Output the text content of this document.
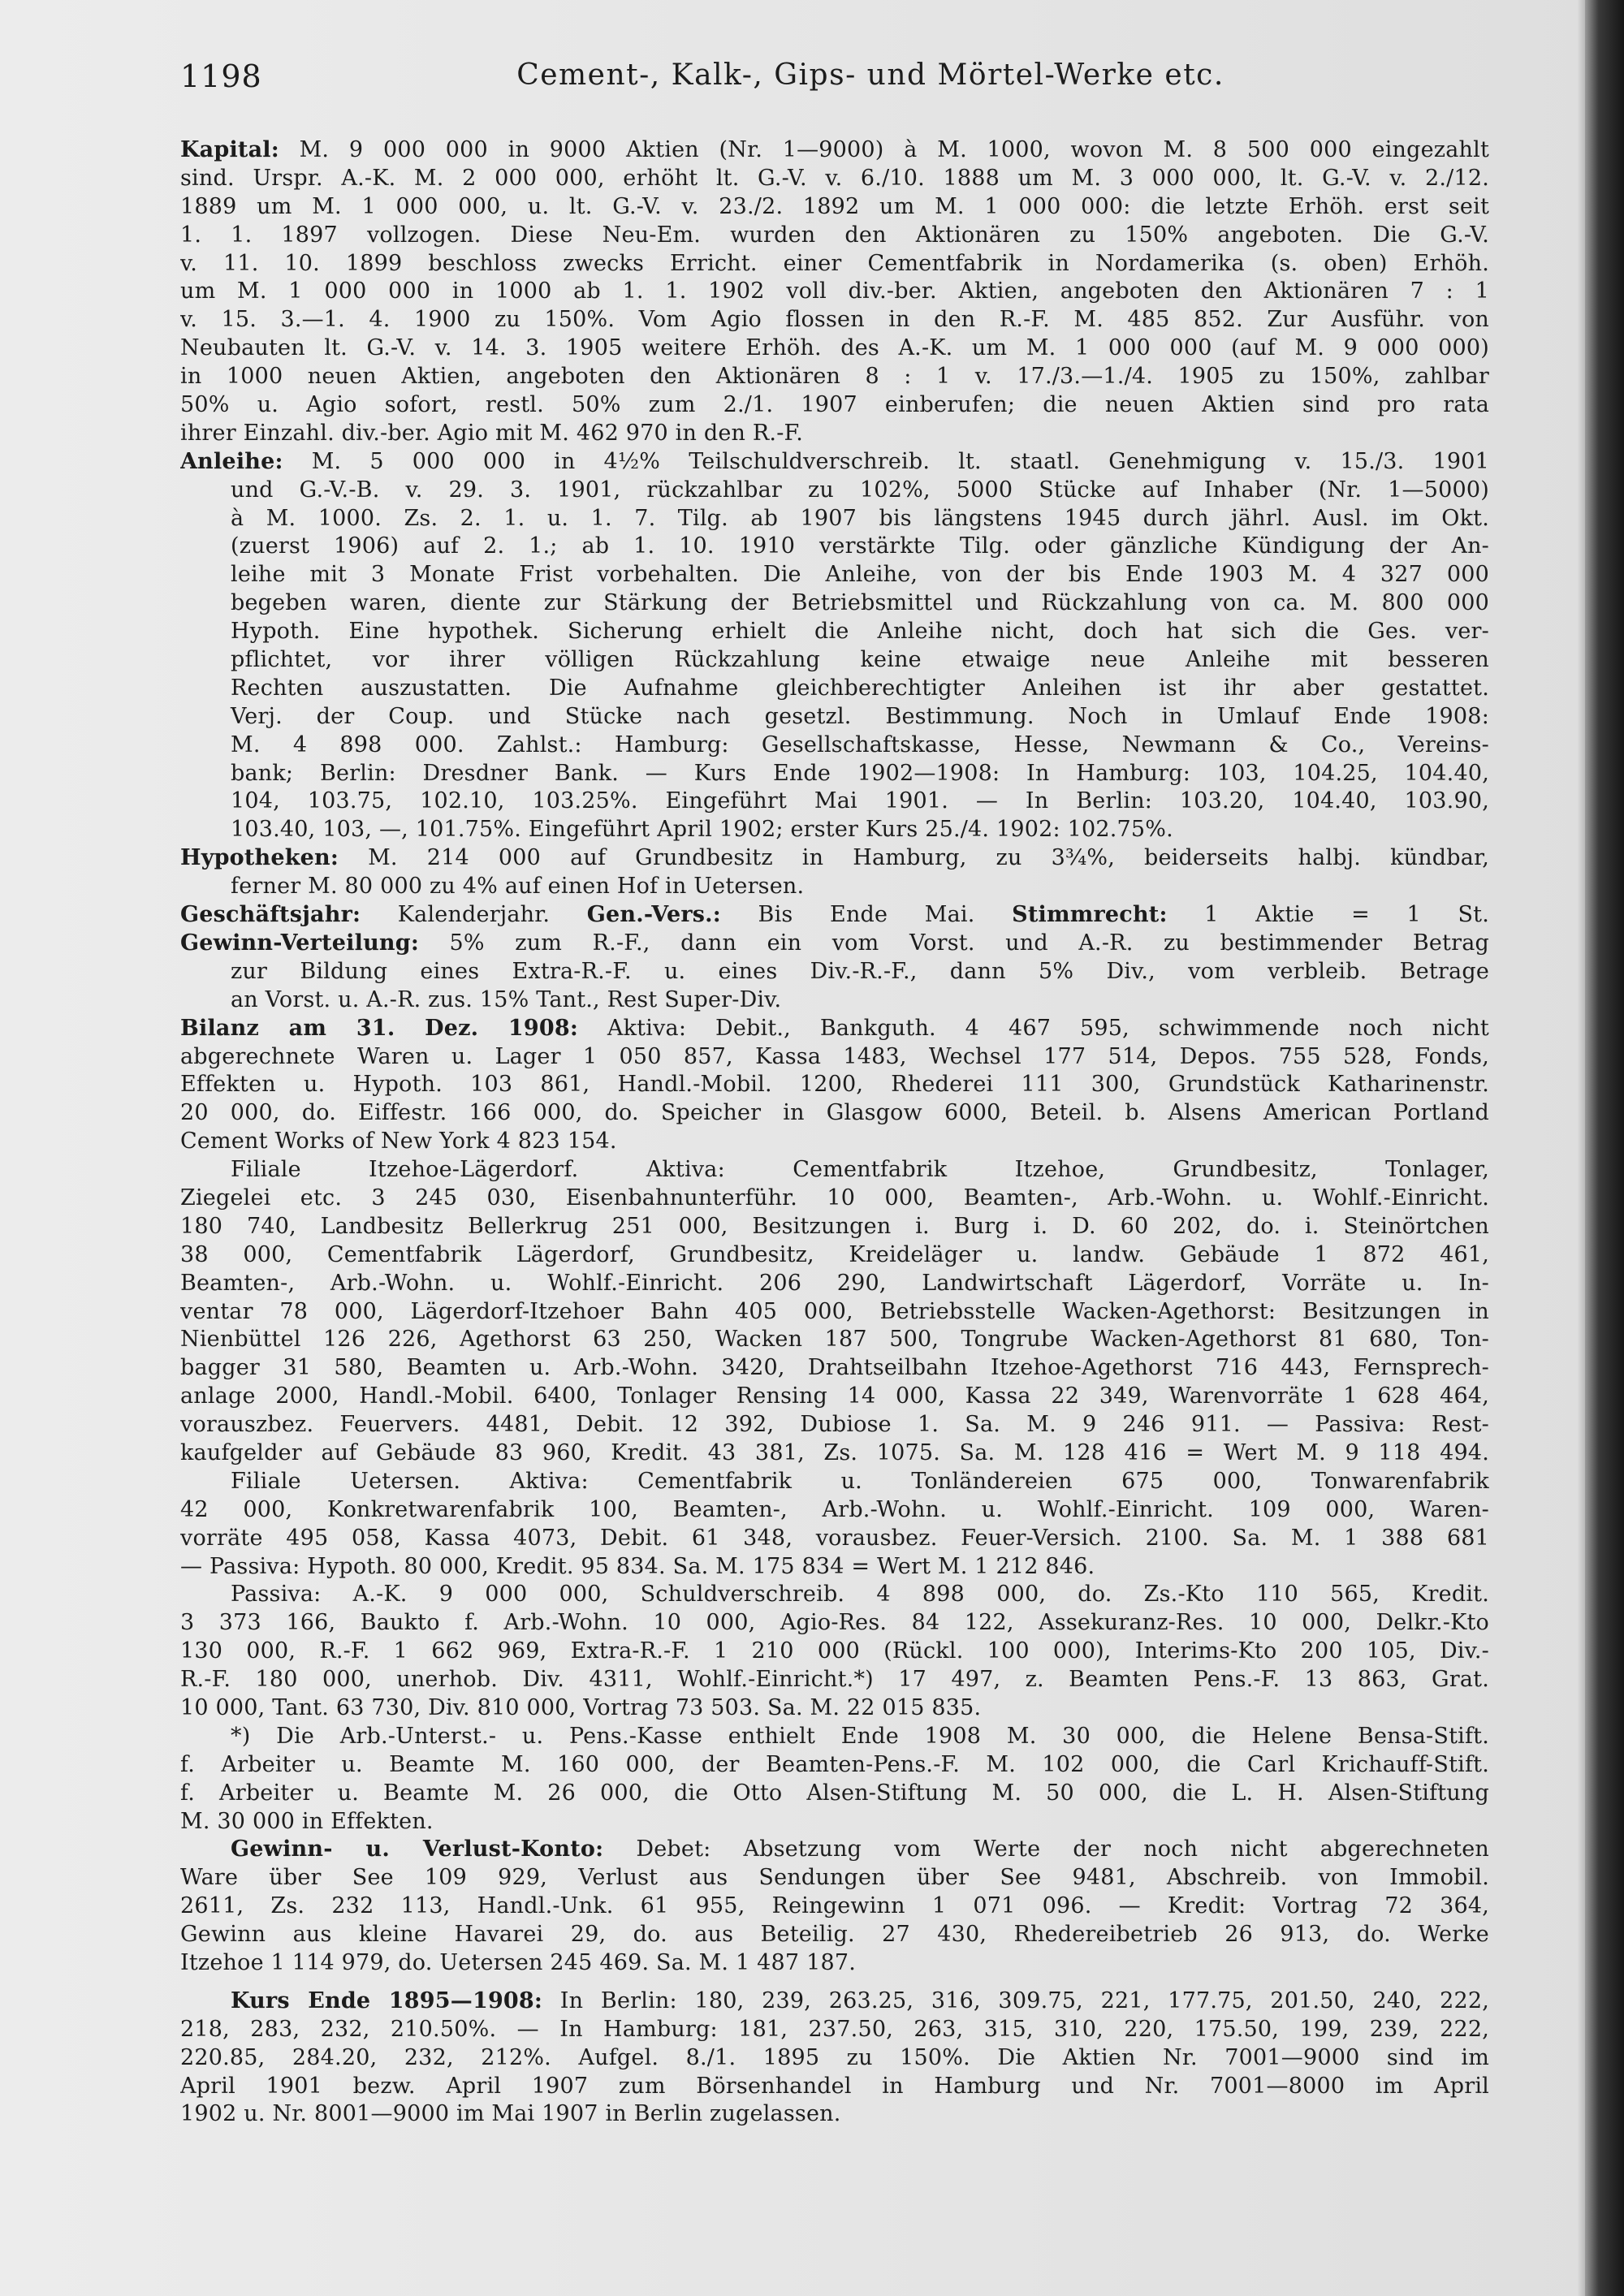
1198	Cement-, Kalk-, Gips- und Mörtel-Werke etc.
Kapital: M. 9 000 000 in 9000 Aktien (Nr. 1—9000) à M. 1000, wovon M. 8 500 000 eingezahlt
sind. Urspr. A.-K. M. 2 000 000, erhöht lt. G.-V. v. 6./10. 1888 um M. 3 000 000, lt. G.-V. v. 2./12.
1889 um M. 1 000 000, u. lt. G.-V. v. 23./2. 1892 um M. 1 000 000: die letzte Erhöh. erst seit
1. 1. 1897 vollzogen. Diese Neu-Em. wurden den Aktionären zu 150% angeboten. Die G.-V.
v. 11. 10. 1899 beschloss zwecks Erricht. einer Cementfabrik in Nordamerika (s. oben) Erhöh.
um M. 1 000 000 in 1000 ab 1. 1. 1902 voll div.-ber. Aktien, angeboten den Aktionären 7 : 1
v. 15. 3.—1. 4. 1900 zu 150%. Vom Agio flossen in den R.-F. M. 485 852. Zur Ausführ. von
Neubauten lt. G.-V. v. 14. 3. 1905 weitere Erhöh. des A.-K. um M. 1 000 000 (auf M. 9 000 000)
in 1000 neuen Aktien, angeboten den Aktionären 8 : 1 v. 17./3.—1./4. 1905 zu 150%, zahlbar
50% u. Agio sofort, restl. 50% zum 2./1. 1907 einberufen; die neuen Aktien sind pro rata
ihrer Einzahl. div.-ber. Agio mit M. 462 970 in den R.-F.
Anleihe: M. 5 000 000 in 4½% Teilschuldverschreib. lt. staatl. Genehmigung v. 15./3. 1901
und G.-V.-B. v. 29. 3. 1901, rückzahlbar zu 102%, 5000 Stücke auf Inhaber (Nr. 1—5000)
à M. 1000. Zs. 2. 1. u. 1. 7. Tilg. ab 1907 bis längstens 1945 durch jährl. Ausl. im Okt.
(zuerst 1906) auf 2. 1.; ab 1. 10. 1910 verstärkte Tilg. oder gänzliche Kündigung der An-
leihe mit 3 Monate Frist vorbehalten. Die Anleihe, von der bis Ende 1903 M. 4 327 000
begeben waren, diente zur Stärkung der Betriebsmittel und Rückzahlung von ca. M. 800 000
Hypoth. Eine hypothek. Sicherung erhielt die Anleihe nicht, doch hat sich die Ges. ver-
pflichtet, vor ihrer völligen Rückzahlung keine etwaige neue Anleihe mit besseren
Rechten auszustatten. Die Aufnahme gleichberechtigter Anleihen ist ihr aber gestattet.
Verj. der Coup. und Stücke nach gesetzl. Bestimmung. Noch in Umlauf Ende 1908:
M. 4 898 000. Zahlst.: Hamburg: Gesellschaftskasse, Hesse, Newmann & Co., Vereins-
bank; Berlin: Dresdner Bank. — Kurs Ende 1902—1908: In Hamburg: 103, 104.25, 104.40,
104, 103.75, 102.10, 103.25%. Eingeführt Mai 1901. — In Berlin: 103.20, 104.40, 103.90,
103.40, 103, —, 101.75%. Eingeführt April 1902; erster Kurs 25./4. 1902: 102.75%.
Hypotheken: M. 214 000 auf Grundbesitz in Hamburg, zu 3¾%, beiderseits halbj. kündbar,
ferner M. 80 000 zu 4% auf einen Hof in Uetersen.
Geschäftsjahr: Kalenderjahr. Gen.-Vers.: Bis Ende Mai. Stimmrecht: 1 Aktie = 1 St.
Gewinn-Verteilung: 5% zum R.-F., dann ein vom Vorst. und A.-R. zu bestimmender Betrag
zur Bildung eines Extra-R.-F. u. eines Div.-R.-F., dann 5% Div., vom verbleib. Betrage
an Vorst. u. A.-R. zus. 15% Tant., Rest Super-Div.
Bilanz am 31. Dez. 1908: Aktiva: Debit., Bankguth. 4 467 595, schwimmende noch nicht
abgerechnete Waren u. Lager 1 050 857, Kassa 1483, Wechsel 177 514, Depos. 755 528, Fonds,
Effekten u. Hypoth. 103 861, Handl.-Mobil. 1200, Rhederei 111 300, Grundstück Katharinenstr.
20 000, do. Eiffestr. 166 000, do. Speicher in Glasgow 6000, Beteil. b. Alsens American Portland
Cement Works of New York 4 823 154.
Filiale Itzehoe-Lägerdorf. Aktiva: Cementfabrik Itzehoe, Grundbesitz, Tonlager,
Ziegelei etc. 3 245 030, Eisenbahnunterführ. 10 000, Beamten-, Arb.-Wohn. u. Wohlf.-Einricht.
180 740, Landbesitz Bellerkrug 251 000, Besitzungen i. Burg i. D. 60 202, do. i. Steinörtchen
38 000, Cementfabrik Lägerdorf, Grundbesitz, Kreideläger u. landw. Gebäude 1 872 461,
Beamten-, Arb.-Wohn. u. Wohlf.-Einricht. 206 290, Landwirtschaft Lägerdorf, Vorräte u. In-
ventar 78 000, Lägerdorf-Itzehoer Bahn 405 000, Betriebsstelle Wacken-Agethorst: Besitzungen in
Nienbüttel 126 226, Agethorst 63 250, Wacken 187 500, Tongrube Wacken-Agethorst 81 680, Ton-
bagger 31 580, Beamten u. Arb.-Wohn. 3420, Drahtseilbahn Itzehoe-Agethorst 716 443, Fernsprech-
anlage 2000, Handl.-Mobil. 6400, Tonlager Rensing 14 000, Kassa 22 349, Warenvorräte 1 628 464,
vorauszbez. Feuervers. 4481, Debit. 12 392, Dubiose 1. Sa. M. 9 246 911. — Passiva: Rest-
kaufgelder auf Gebäude 83 960, Kredit. 43 381, Zs. 1075. Sa. M. 128 416 = Wert M. 9 118 494.
Filiale Uetersen. Aktiva: Cementfabrik u. Tonländereien 675 000, Tonwarenfabrik
42 000, Konkretwarenfabrik 100, Beamten-, Arb.-Wohn. u. Wohlf.-Einricht. 109 000, Waren-
vorräte 495 058, Kassa 4073, Debit. 61 348, vorausbez. Feuer-Versich. 2100. Sa. M. 1 388 681
— Passiva: Hypoth. 80 000, Kredit. 95 834. Sa. M. 175 834 = Wert M. 1 212 846.
Passiva: A.-K. 9 000 000, Schuldverschreib. 4 898 000, do. Zs.-Kto 110 565, Kredit.
3 373 166, Baukto f. Arb.-Wohn. 10 000, Agio-Res. 84 122, Assekuranz-Res. 10 000, Delkr.-Kto
130 000, R.-F. 1 662 969, Extra-R.-F. 1 210 000 (Rückl. 100 000), Interims-Kto 200 105, Div.-
R.-F. 180 000, unerhob. Div. 4311, Wohlf.-Einricht.*) 17 497, z. Beamten Pens.-F. 13 863, Grat.
10 000, Tant. 63 730, Div. 810 000, Vortrag 73 503. Sa. M. 22 015 835.
*) Die Arb.-Unterst.- u. Pens.-Kasse enthielt Ende 1908 M. 30 000, die Helene Bensa-Stift.
f. Arbeiter u. Beamte M. 160 000, der Beamten-Pens.-F. M. 102 000, die Carl Krichauff-Stift.
f. Arbeiter u. Beamte M. 26 000, die Otto Alsen-Stiftung M. 50 000, die L. H. Alsen-Stiftung
M. 30 000 in Effekten.
Gewinn- u. Verlust-Konto: Debet: Absetzung vom Werte der noch nicht abgerechneten
Ware über See 109 929, Verlust aus Sendungen über See 9481, Abschreib. von Immobil.
2611, Zs. 232 113, Handl.-Unk. 61 955, Reingewinn 1 071 096. — Kredit: Vortrag 72 364,
Gewinn aus kleine Havarei 29, do. aus Beteilig. 27 430, Rhedereibetrieb 26 913, do. Werke
Itzehoe 1 114 979, do. Uetersen 245 469. Sa. M. 1 487 187.
Kurs Ende 1895—1908: In Berlin: 180, 239, 263.25, 316, 309.75, 221, 177.75, 201.50, 240, 222,
218, 283, 232, 210.50%. — In Hamburg: 181, 237.50, 263, 315, 310, 220, 175.50, 199, 239, 222,
220.85, 284.20, 232, 212%. Aufgel. 8./1. 1895 zu 150%. Die Aktien Nr. 7001—9000 sind im
April 1901 bezw. April 1907 zum Börsenhandel in Hamburg und Nr. 7001—8000 im April
1902 u. Nr. 8001—9000 im Mai 1907 in Berlin zugelassen.
